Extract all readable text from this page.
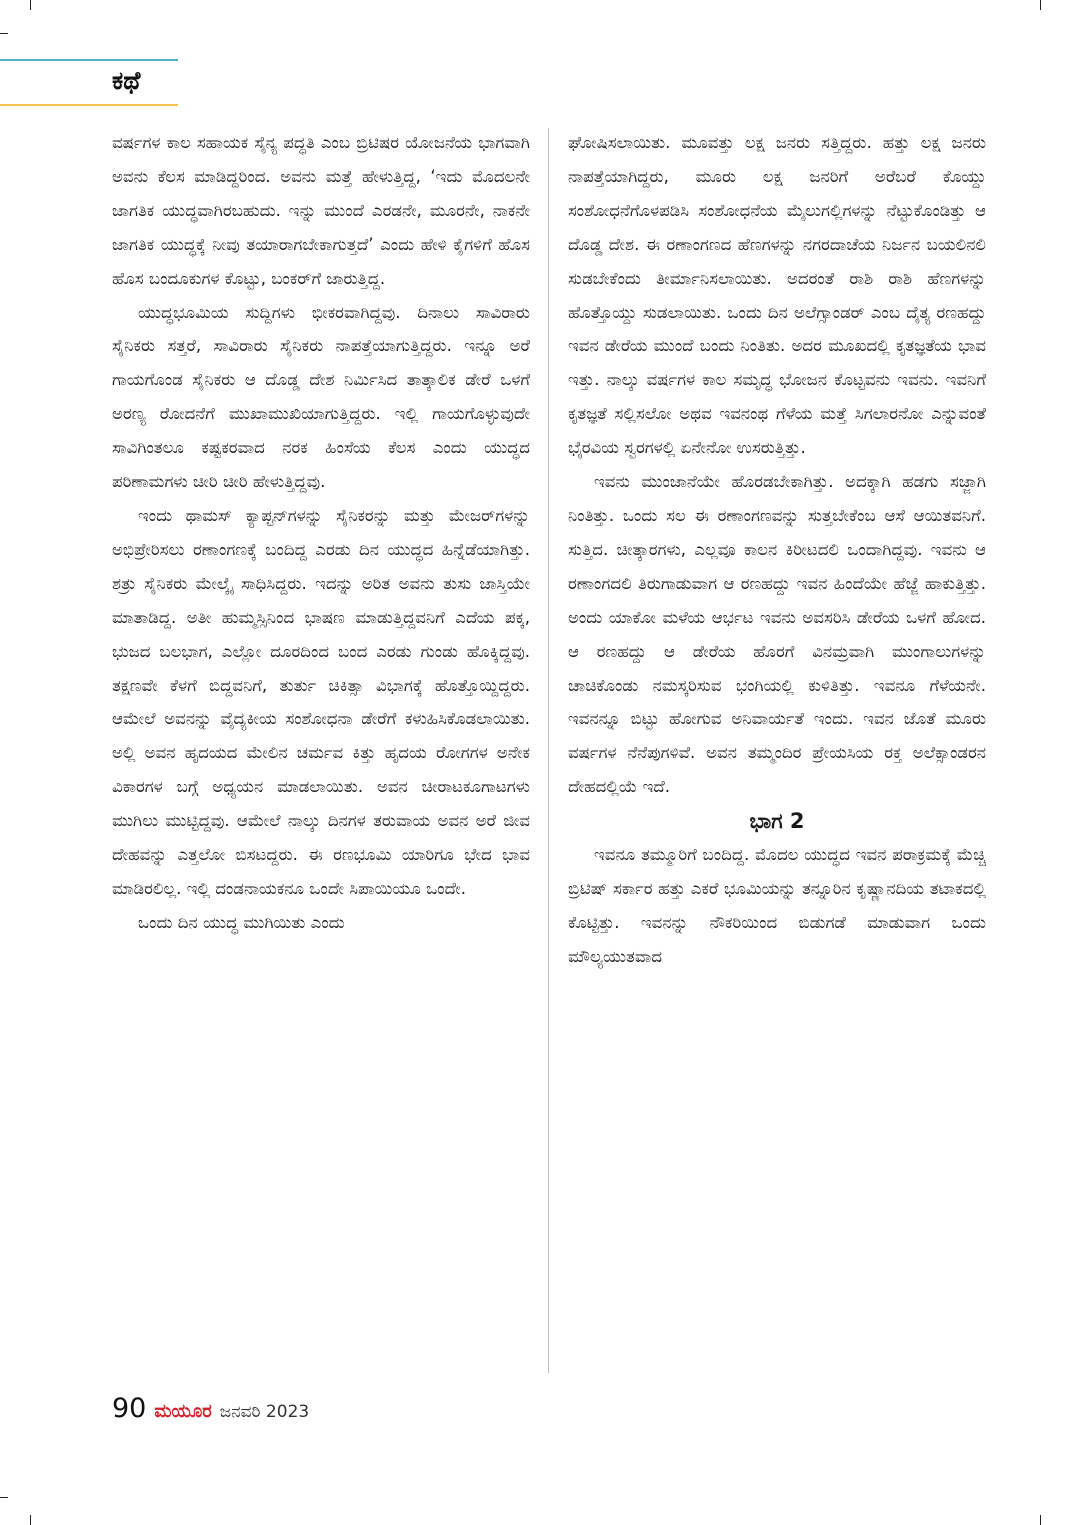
ಕಥೆ

ವರ್ಷಗಳ ಕಾಲ ಸಹಾಯಕ ಸೈನ್ಯ ಪದ್ಧತಿ ಎಂಬ ಬ್ರಿಟಿಷರ ಯೋಜನೆಯ ಭಾಗವಾಗಿ ಅವನು ಕೆಲಸ ಮಾಡಿದ್ದರಿಂದ. ಅವನು ಮತ್ತೆ ಹೇಳುತ್ತಿದ್ದ, ‘ಇದು ಮೊದಲನೇ ಜಾಗತಿಕ ಯುದ್ಧವಾಗಿರಬಹುದು. ಇನ್ನು ಮುಂದೆ ಎರಡನೇ, ಮೂರನೇ, ನಾಕನೇ ಜಾಗತಿಕ ಯುದ್ಧಕ್ಕೆ ನೀವು ತಯಾರಾಗಬೇಕಾಗುತ್ತದೆ’ ಎಂದು ಹೇಳಿ ಕೈಗಳಿಗೆ ಹೊಸ ಹೊಸ ಬಂದೂಕುಗಳ ಕೊಟ್ಟು, ಬಂಕರ್‌ಗೆ ಜಾರುತ್ತಿದ್ದ.

ಯುದ್ಧಭೂಮಿಯ ಸುದ್ದಿಗಳು ಭೀಕರವಾಗಿದ್ದವು. ದಿನಾಲು ಸಾವಿರಾರು ಸೈನಿಕರು ಸತ್ತರೆ, ಸಾವಿರಾರು ಸೈನಿಕರು ನಾಪತ್ತೆಯಾಗುತ್ತಿದ್ದರು. ಇನ್ನೂ ಅರೆ ಗಾಯಗೊಂಡ ಸೈನಿಕರು ಆ ದೊಡ್ಡ ದೇಶ ನಿರ್ಮಿಸಿದ ತಾತ್ಕಾಲಿಕ ಡೇರೆ ಒಳಗೆ ಅರಣ್ಯ ರೋದನೆಗೆ ಮುಖಾಮುಖಿಯಾಗುತ್ತಿದ್ದರು. ಇಲ್ಲಿ ಗಾಯಗೊಳ್ಳುವುದೇ ಸಾವಿಗಿಂತಲೂ ಕಷ್ಟಕರವಾದ ನರಕ ಹಿಂಸೆಯ ಕೆಲಸ ಎಂದು ಯುದ್ಧದ ಪರಿಣಾಮಗಳು ಚೀರಿ ಚೀರಿ ಹೇಳುತ್ತಿದ್ದವು.

ಇಂದು ಥಾಮಸ್ ಕ್ಯಾಪ್ಟನ್‌ಗಳನ್ನು ಸೈನಿಕರನ್ನು ಮತ್ತು ಮೇಜರ್‌ಗಳನ್ನು ಅಭಿಪ್ರೇರಿಸಲು ರಣಾಂಗಣಕ್ಕೆ ಬಂದಿದ್ದ ಎರಡು ದಿನ ಯುದ್ಧದ ಹಿನ್ನೆಡೆಯಾಗಿತ್ತು. ಶತ್ರು ಸೈನಿಕರು ಮೇಲ್ಕೈ ಸಾಧಿಸಿದ್ದರು. ಇದನ್ನು ಅರಿತ ಅವನು ತುಸು ಜಾಸ್ತಿಯೇ ಮಾತಾಡಿದ್ದ. ಅತೀ ಹುಮ್ಮಸ್ಸಿನಿಂದ ಭಾಷಣ ಮಾಡುತ್ತಿದ್ದವನಿಗೆ ಎದೆಯ ಪಕ್ಕ, ಭುಜದ ಬಲಭಾಗ, ಎಲ್ಲೋ ದೂರದಿಂದ ಬಂದ ಎರಡು ಗುಂಡು ಹೊಕ್ಕಿದ್ದವು. ತಕ್ಷಣವೇ ಕೆಳಗೆ ಬಿದ್ದವನಿಗೆ, ತುರ್ತು ಚಿಕಿತ್ಸಾ ವಿಭಾಗಕ್ಕೆ ಹೊತ್ತೊಯ್ದಿದ್ದರು. ಆಮೇಲೆ ಅವನನ್ನು ವೈದ್ಯಕೀಯ ಸಂಶೋಧನಾ ಡೇರೆಗೆ ಕಳುಹಿಸಿಕೊಡಲಾಯಿತು. ಅಲ್ಲಿ ಅವನ ಹೃದಯದ ಮೇಲಿನ ಚರ್ಮವ ಕಿತ್ತು ಹೃದಯ ರೋಗಗಳ ಅನೇಕ ವಿಕಾರಗಳ ಬಗ್ಗೆ ಅಧ್ಯಯನ ಮಾಡಲಾಯಿತು. ಅವನ ಚೀರಾಟಕೂಗಾಟಗಳು ಮುಗಿಲು ಮುಟ್ಟಿದ್ದವು. ಆಮೇಲೆ ನಾಲ್ಕು ದಿನಗಳ ತರುವಾಯ ಅವನ ಅರೆ ಜೀವ ದೇಹವನ್ನು ಎತ್ತಲೋ ಬಿಸಟದ್ದರು. ಈ ರಣಭೂಮಿ ಯಾರಿಗೂ ಭೇದ ಭಾವ ಮಾಡಿರಲಿಲ್ಲ. ಇಲ್ಲಿ ದಂಡನಾಯಕನೂ ಒಂದೇ ಸಿಪಾಯಿಯೂ ಒಂದೇ.

ಒಂದು ದಿನ ಯುದ್ಧ ಮುಗಿಯಿತು ಎಂದು

ಘೋಷಿಸಲಾಯಿತು. ಮೂವತ್ತು ಲಕ್ಷ ಜನರು ಸತ್ತಿದ್ದರು. ಹತ್ತು ಲಕ್ಷ ಜನರು ನಾಪತ್ತೆಯಾಗಿದ್ದರು, ಮೂರು ಲಕ್ಷ ಜನರಿಗೆ ಅರೆಬರೆ ಕೊಯ್ದು ಸಂಶೋಧನೆಗೊಳಪಡಿಸಿ ಸಂಶೋಧನೆಯ ಮೈಲುಗಲ್ಲಿಗಳನ್ನು ನೆಟ್ಟುಕೊಂಡಿತ್ತು ಆ ದೊಡ್ಡ ದೇಶ. ಈ ರಣಾಂಗಣದ ಹೆಣಗಳನ್ನು ನಗರದಾಚೆಯ ನಿರ್ಜನ ಬಯಲಿನಲಿ ಸುಡಬೇಕೆಂದು ತೀರ್ಮಾನಿಸಲಾಯಿತು. ಅದರಂತೆ ರಾಶಿ ರಾಶಿ ಹೆಣಗಳನ್ನು ಹೊತ್ತೊಯ್ದು ಸುಡಲಾಯಿತು. ಒಂದು ದಿನ ಅಲೆಗ್ಸಾಂಡರ್ ಎಂಬ ದೈತ್ಯ ರಣಹದ್ದು ಇವನ ಡೇರೆಯ ಮುಂದೆ ಬಂದು ನಿಂತಿತು. ಅದರ ಮೂಖದಲ್ಲಿ ಕೃತಜ್ಞತೆಯ ಭಾವ ಇತ್ತು. ನಾಲ್ಕು ವರ್ಷಗಳ ಕಾಲ ಸಮೃದ್ಧ ಭೋಜನ ಕೊಟ್ಟವನು ಇವನು. ಇವನಿಗೆ ಕೃತಜ್ಞತೆ ಸಲ್ಲಿಸಲೋ ಅಥವ ಇವನಂಥ ಗೆಳೆಯ ಮತ್ತೆ ಸಿಗಲಾರನೋ ಎನ್ನುವಂತೆ ಭೈರವಿಯ ಸ್ವರಗಳಲ್ಲಿ ಏನೇನೋ ಉಸರುತ್ತಿತ್ತು.

ಇವನು ಮುಂಜಾನೆಯೇ ಹೊರಡಬೇಕಾಗಿತ್ತು. ಅದಕ್ಕಾಗಿ ಹಡಗು ಸಜ್ಜಾಗಿ ನಿಂತಿತ್ತು. ಒಂದು ಸಲ ಈ ರಣಾಂಗಣವನ್ನು ಸುತ್ತಬೇಕೆಂಬ ಆಸೆ ಆಯಿತವನಿಗೆ. ಸುತ್ತಿದ. ಚೀತ್ಕಾರಗಳು, ಎಲ್ಲವೂ ಕಾಲನ ಕಿರೀಟದಲಿ ಒಂದಾಗಿದ್ದವು. ಇವನು ಆ ರಣಾಂಗದಲಿ ತಿರುಗಾಡುವಾಗ ಆ ರಣಹದ್ದು ಇವನ ಹಿಂದೆಯೇ ಹೆಜ್ಜೆ ಹಾಕುತ್ತಿತ್ತು. ಅಂದು ಯಾಕೋ ಮಳೆಯ ಆರ್ಭಟ ಇವನು ಅವಸರಿಸಿ ಡೇರೆಯ ಒಳಗೆ ಹೋದ. ಆ ರಣಹದ್ದು ಆ ಡೇರೆಯ ಹೊರಗೆ ವಿನಮ್ರವಾಗಿ ಮುಂಗಾಲುಗಳನ್ನು ಚಾಚಿಕೊಂಡು ನಮಸ್ಕರಿಸುವ ಭಂಗಿಯಲ್ಲಿ ಕುಳಿತಿತ್ತು. ಇವನೂ ಗೆಳೆಯನೇ. ಇವನನ್ನೂ ಬಿಟ್ಟು ಹೋಗುವ ಅನಿವಾರ್ಯತೆ ಇಂದು. ಇವನ ಜೊತೆ ಮೂರು ವರ್ಷಗಳ ನೆನೆಪುಗಳಿವೆ. ಅವನ ತಮ್ಮಂದಿರ ಪ್ರೇಯಸಿಯ ರಕ್ತ ಅಲೆಕ್ಸಾಂಡರನ ದೇಹದಲ್ಲಿಯೆ ಇದೆ.

ಭಾಗ 2

ಇವನೂ ತಮ್ಮೂರಿಗೆ ಬಂದಿದ್ದ. ಮೊದಲ ಯುದ್ಧದ ಇವನ ಪರಾಕ್ರಮಕ್ಕೆ ಮೆಚ್ಚಿ ಬ್ರಿಟಿಷ್ ಸರ್ಕಾರ ಹತ್ತು ಎಕರೆ ಭೂಮಿಯನ್ನು ತನ್ನೂರಿನ ಕೃಷ್ಣಾನದಿಯ ತಟಾಕದಲ್ಲಿ ಕೊಟ್ಟಿತ್ತು. ಇವನನ್ನು ನೌಕರಿಯಿಂದ ಬಿಡುಗಡೆ ಮಾಡುವಾಗ ಒಂದು ಮೌಲ್ಯಯುತವಾದ

90 ಮಯೂರ ಜನವರಿ 2023
